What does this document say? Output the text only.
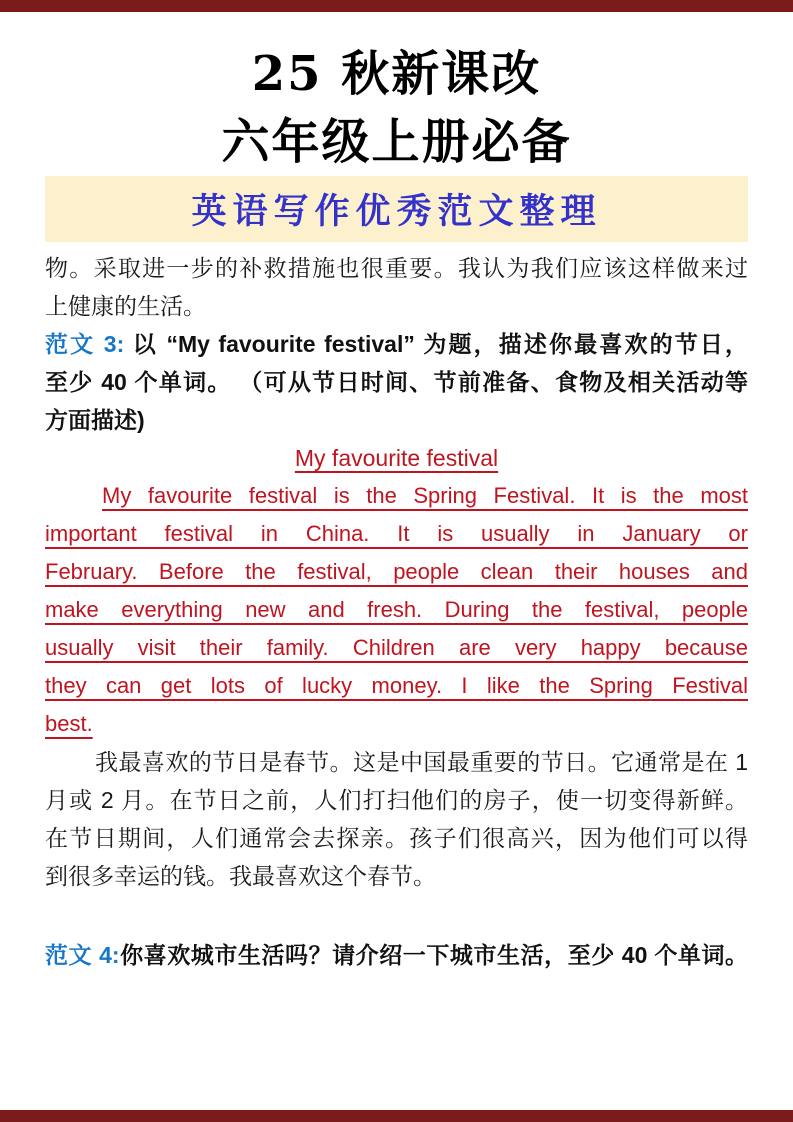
25 秋新课改
六年级上册必备
英语写作优秀范文整理
物。采取进一步的补救措施也很重要。我认为我们应该这样做来过
上健康的生活。
范文 3: 以 “My favourite festival” 为题，描述你最喜欢的节日，
至少 40 个单词。 （可从节日时间、节前准备、食物及相关活动等
方面描述)
My favourite festival
My favourite festival is the Spring Festival. It is the most
important festival in China. It is usually in January or
February. Before the festival, people clean their houses and
make everything new and fresh. During the festival, people
usually visit their family. Children are very happy because
they can get lots of lucky money. I like the Spring Festival
best.
我最喜欢的节日是春节。这是中国最重要的节日。它通常是在 1
月或 2 月。在节日之前，人们打扫他们的房子，使一切变得新鲜。
在节日期间，人们通常会去探亲。孩子们很高兴，因为他们可以得
到很多幸运的钱。我最喜欢这个春节。
范文 4:你喜欢城市生活吗？请介绍一下城市生活，至少 40 个单词。
